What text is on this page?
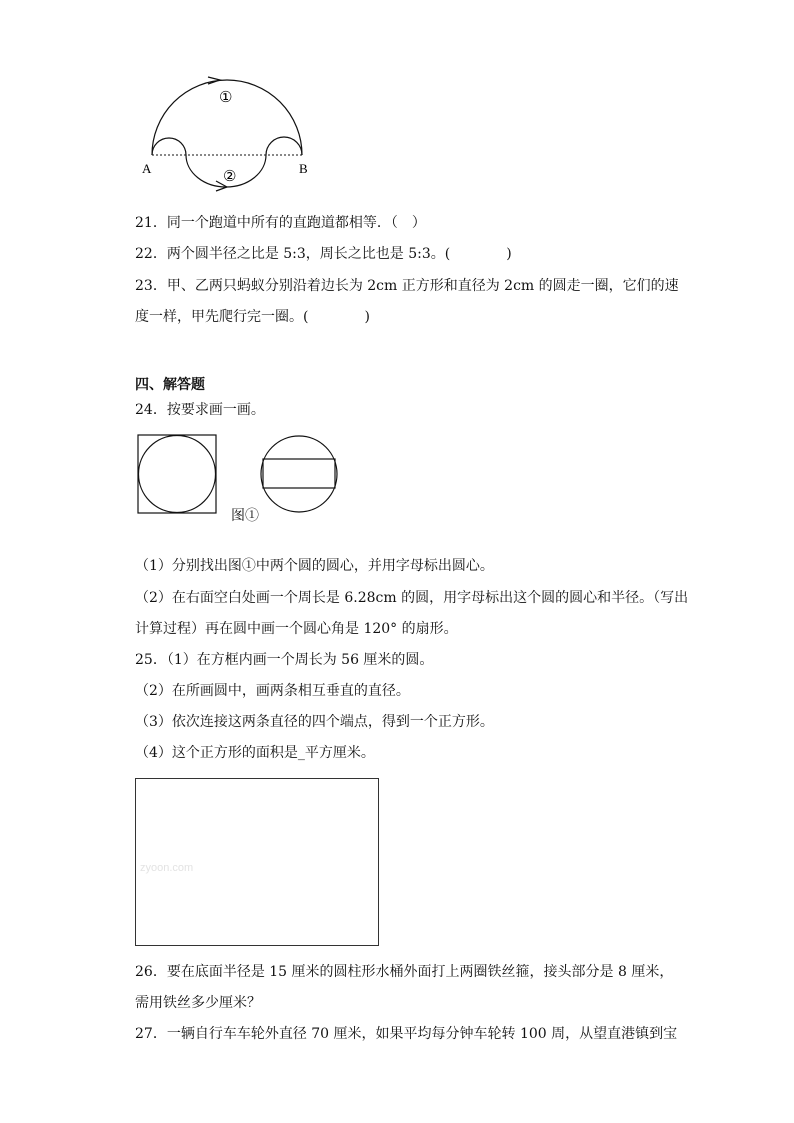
①
②
A	B
21．同一个跑道中所有的直跑道都相等．（　）
22．两个圆半径之比是 5:3，周长之比也是 5:3。(　　　　)
23．甲、乙两只蚂蚁分别沿着边长为 2cm 正方形和直径为 2cm 的圆走一圈，它们的速
度一样，甲先爬行完一圈。(　　　　)
四、解答题
24．按要求画一画。
图①
（1）分别找出图①中两个圆的圆心，并用字母标出圆心。
（2）在右面空白处画一个周长是 6.28cm 的圆，用字母标出这个圆的圆心和半径。（写出
计算过程）再在圆中画一个圆心角是 120° 的扇形。
25．（1）在方框内画一个周长为 56 厘米的圆。
（2）在所画圆中，画两条相互垂直的直径。
（3）依次连接这两条直径的四个端点，得到一个正方形。
（4）这个正方形的面积是_平方厘米。
zyoon.com
26．要在底面半径是 15 厘米的圆柱形水桶外面打上两圈铁丝箍，接头部分是 8 厘米，
需用铁丝多少厘米？
27．一辆自行车车轮外直径 70 厘米，如果平均每分钟车轮转 100 周，从望直港镇到宝
